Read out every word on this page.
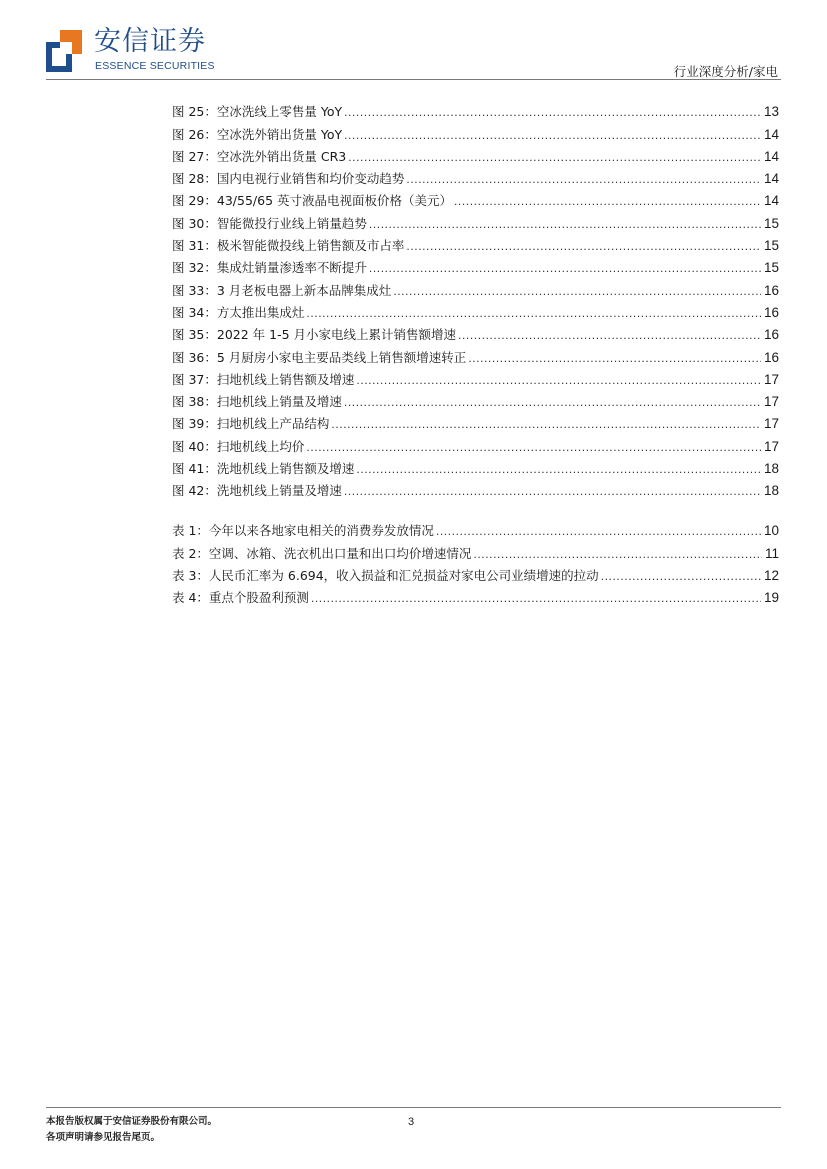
安信证券
ESSENCE SECURITIES	行业深度分析/家电
图 25：空冰洗线上零售量 YoY .....	13
图 26：空冰洗外销出货量 YoY .....	14
图 27：空冰洗外销出货量 CR3 .....	14
图 28：国内电视行业销售和均价变动趋势 .....	14
图 29：43/55/65 英寸液晶电视面板价格（美元） .....	14
图 30：智能微投行业线上销量趋势 .....	15
图 31：极米智能微投线上销售额及市占率 .....	15
图 32：集成灶销量渗透率不断提升 .....	15
图 33：3 月老板电器上新本品牌集成灶 .....	16
图 34：方太推出集成灶 .....	16
图 35：2022 年 1-5 月小家电线上累计销售额增速 .....	16
图 36：5 月厨房小家电主要品类线上销售额增速转正 .....	16
图 37：扫地机线上销售额及增速 .....	17
图 38：扫地机线上销量及增速 .....	17
图 39：扫地机线上产品结构 .....	17
图 40：扫地机线上均价 .....	17
图 41：洗地机线上销售额及增速 .....	18
图 42：洗地机线上销量及增速 .....	18
表 1：今年以来各地家电相关的消费券发放情况 .....	10
表 2：空调、冰箱、洗衣机出口量和出口均价增速情况 .....	11
表 3：人民币汇率为 6.694，收入损益和汇兑损益对家电公司业绩增速的拉动 .....	12
表 4：重点个股盈利预测 .....	19
本报告版权属于安信证券股份有限公司。
各项声明请参见报告尾页。
3
